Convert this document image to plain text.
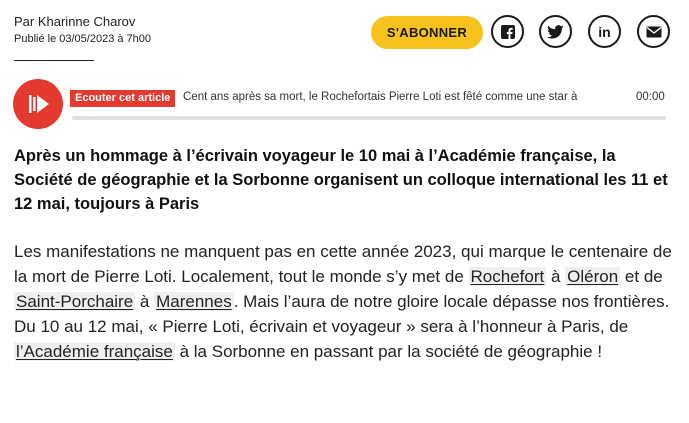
Par Kharinne Charov
Publié le 03/05/2023 à 7h00	S'ABONNER	in
Ecouter cet article	Cent ans après sa mort, le Rochefortais Pierre Loti est fêté comme une star à	00:00
Après un hommage à l’écrivain voyageur le 10 mai à l’Académie française, la Société de géographie et la Sorbonne organisent un colloque international les 11 et 12 mai, toujours à Paris
Les manifestations ne manquent pas en cette année 2023, qui marque le centenaire de la mort de Pierre Loti. Localement, tout le monde s’y met de Rochefort à Oléron et de Saint-Porchaire à Marennes . Mais l’aura de notre gloire locale dépasse nos frontières. Du 10 au 12 mai, « Pierre Loti, écrivain et voyageur » sera à l’honneur à Paris, de l’Académie française à la Sorbonne en passant par la société de géographie !
